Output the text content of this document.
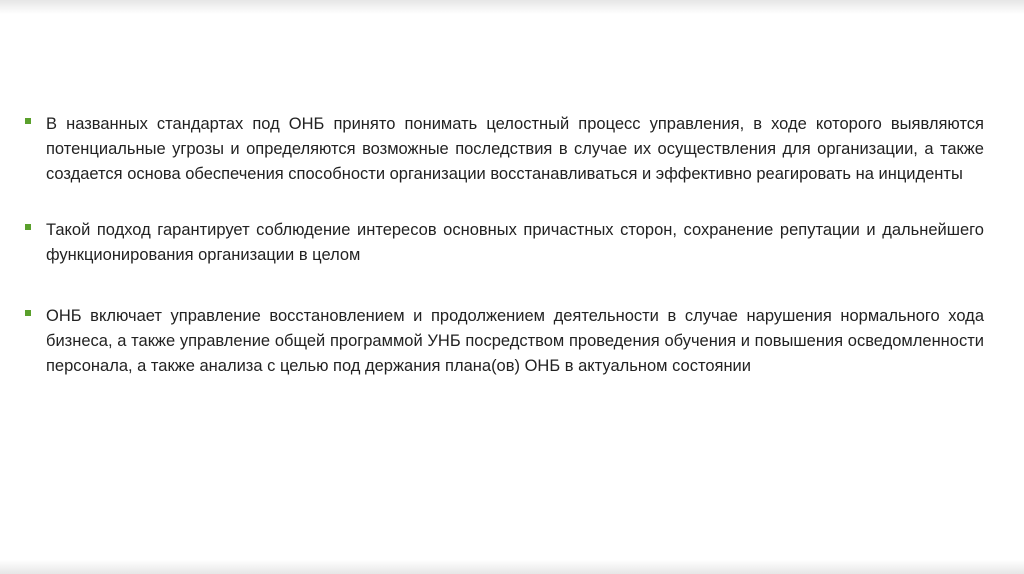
В названных стандартах под ОНБ принято понимать целостный процесс управления, в ходе которого выявляются потенциальные угрозы и определяются возможные последствия в случае их осуществления для организации, а также создается основа обеспечения способности организации восстанавливаться и эффективно реагировать на инциденты
Такой подход гарантирует соблюдение интересов основных причастных сторон, сохранение репутации и дальнейшего функционирования организации в целом
ОНБ включает управление восстановлением и продолжением деятельности в случае нарушения нормального хода бизнеса, а также управление общей программой УНБ посредством проведения обучения и повышения осведомленности персонала, а также анализа с целью под держания плана(ов) ОНБ в актуальном состоянии
